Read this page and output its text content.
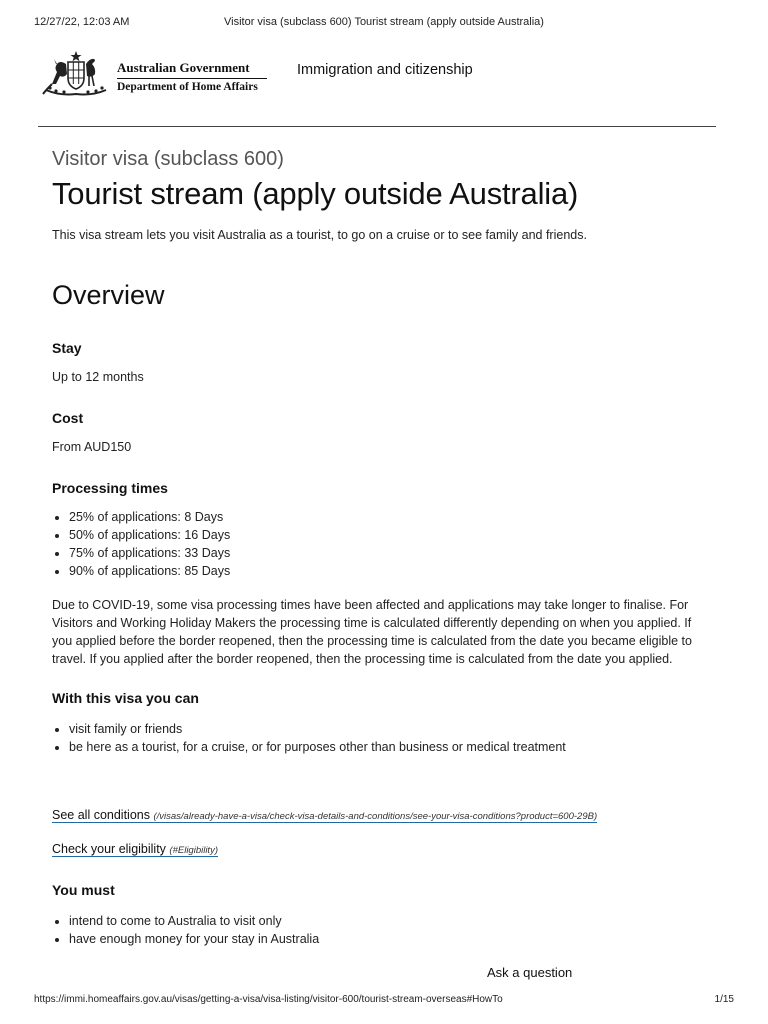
12/27/22, 12:03 AM	Visitor visa (subclass 600) Tourist stream (apply outside Australia)
Australian Government
Department of Home Affairs
Immigration and citizenship
Visitor visa (subclass 600)
Tourist stream (apply outside Australia)

This visa stream lets you visit Australia as a tourist, to go on a cruise or to see family and friends.

Overview
Stay

Up to 12 months

Cost

From AUD150

Processing times
• 25% of applications: 8 Days
• 50% of applications: 16 Days
• 75% of applications: 33 Days
• 90% of applications: 85 Days

Due to COVID-19, some visa processing times have been affected and applications may take longer to finalise. For Visitors and Working Holiday Makers the processing time is calculated differently depending on when you applied. If you applied before the border reopened, then the processing time is calculated from the date you became eligible to travel. If you applied after the border reopened, then the processing time is calculated from the date you applied.

With this visa you can
• visit family or friends
• be here as a tourist, for a cruise, or for purposes other than business or medical treatment
See all conditions (/visas/already-have-a-visa/check-visa-details-and-conditions/see-your-visa-conditions?product=600-29B)
Check your eligibility (#Eligibility)
You must
• intend to come to Australia to visit only
• have enough money for your stay in Australia
Ask a question
https://immi.homeaffairs.gov.au/visas/getting-a-visa/visa-listing/visitor-600/tourist-stream-overseas#HowTo	1/15
